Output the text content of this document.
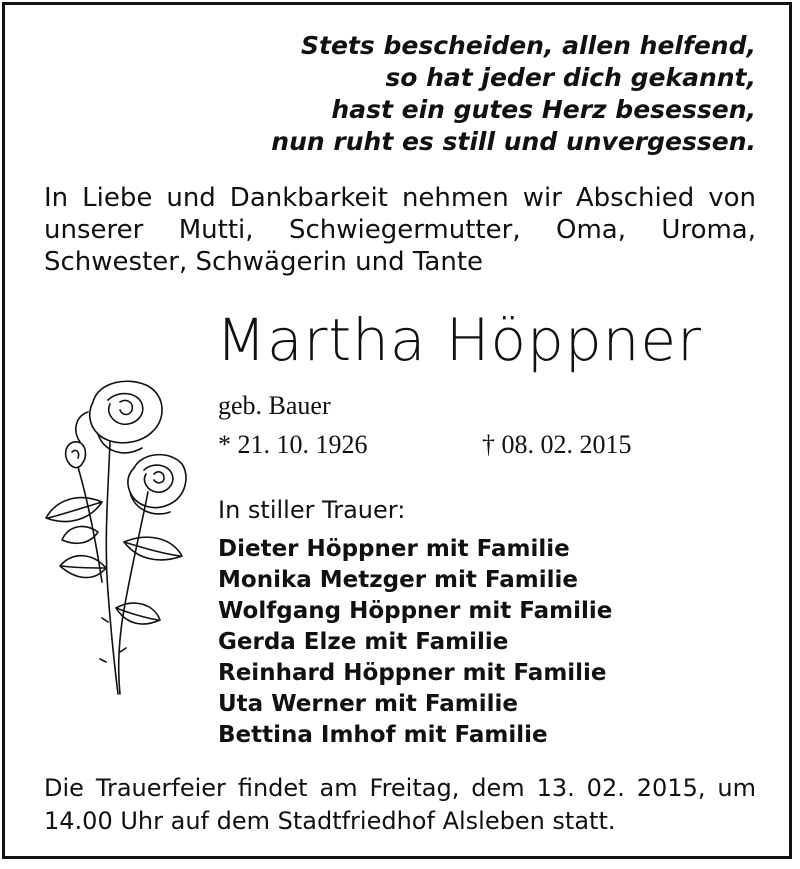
Stets bescheiden, allen helfend,
so hat jeder dich gekannt,
hast ein gutes Herz besessen,
nun ruht es still und unvergessen.
In Liebe und Dankbarkeit nehmen wir Abschied von
unserer Mutti, Schwiegermutter, Oma, Uroma,
Schwester, Schwägerin und Tante
Martha Höppner
geb. Bauer
* 21. 10. 1926	† 08. 02. 2015
In stiller Trauer:
Dieter Höppner mit Familie
Monika Metzger mit Familie
Wolfgang Höppner mit Familie
Gerda Elze mit Familie
Reinhard Höppner mit Familie
Uta Werner mit Familie
Bettina Imhof mit Familie
Die Trauerfeier findet am Freitag, dem 13. 02. 2015, um
14.00 Uhr auf dem Stadtfriedhof Alsleben statt.
